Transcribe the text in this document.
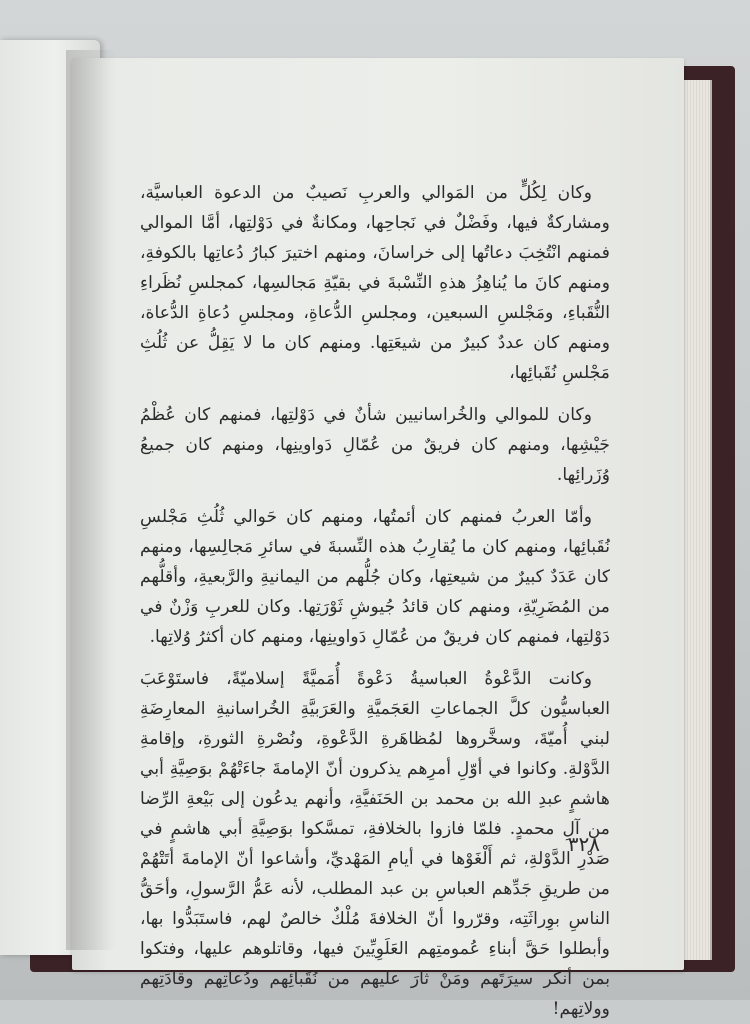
وكان لِكُلٍّ من المَوالي والعربِ نَصيبٌ من الدعوة العباسيَّة، ومشاركةٌ فيها، وفَضْلٌ في نَجاحِها، ومكانةٌ في دَوْلتِها، أمَّا الموالي فمنهم انْتُخِبَ دعاتُها إلى خراسانَ، ومنهم اختيرَ كبارُ دُعاتِها بالكوفةِ، ومنهم كانَ ما يُناهِزُ هذهِ النِّسْبةَ في بقيّةِ مَجالسِها، كمجلسِ نُظَراءِ النُّقَباءِ، ومَجْلسِ السبعين، ومجلسِ الدُّعاةِ، ومجلسِ دُعاةِ الدُّعاة، ومنهم كان عددٌ كبيرٌ من شيعَتِها. ومنهم كان ما لا يَقِلُّ عن ثُلُثِ مَجْلسِ نُقَبائِها،

وكان للموالي والخُراسانيين شأنٌ في دَوْلتِها، فمنهم كان عُظْمُ جَيْشِها، ومنهم كان فريقٌ من عُمّالِ دَواوينِها، ومنهم كان جميعُ وُزَرائِها.

وأمّا العربُ فمنهم كان أئمتُها، ومنهم كان حَوالي ثُلُثِ مَجْلسِ نُقَبائِها، ومنهم كان ما يُقارِبُ هذه النِّسبةَ في سائرِ مَجالِسِها، ومنهم كان عَدَدٌ كبيرٌ من شيعتِها، وكان جُلُّهم من اليمانيةِ والرَّبعيةِ، وأقلُّهم من المُضَرِيّةِ، ومنهم كان قائدُ جُيوشِ ثَوْرَتِها. وكان للعربِ وَزْنٌ في دَوْلتِها، فمنهم كان فريقٌ من عُمّالِ دَواوينِها، ومنهم كان أكثرُ وُلاتِها.

وكانت الدَّعْوةُ العباسيةُ دَعْوةً أُمَميَّةً إسلاميّةً، فاستَوْعَبَ العباسيُّون كلَّ الجماعاتِ العَجَميَّةِ والعَرَبيَّةِ الخُراسانيةِ المعارِضَةِ لبني أُميّةَ، وسخَّروها لمُظاهَرةِ الدَّعْوةِ، ونُصْرةِ الثورةِ، وإقامةِ الدَّوْلةِ. وكانوا في أوّلِ أمرِهم يذكرون أنّ الإمامةَ جاءَتْهُمْ بوَصِيَّةِ أبي هاشمٍ عبدِ الله بن محمد بن الحَنَفيَّةِ، وأنهم يدعُون إلى بَيْعةِ الرِّضا من آلِ محمدٍ. فلمّا فازوا بالخلافةِ، تمسَّكوا بوَصِيَّةِ أبي هاشمٍ في صَدْرِ الدَّوْلةِ، ثم أَلْغَوْها في أيامِ المَهْديِّ، وأشاعوا أنّ الإمامةَ أتَتْهُمْ من طريقِ جَدِّهم العباسِ بن عبد المطلب، لأنه عَمُّ الرَّسولِ، وأحَقُّ الناسِ بوِراثَتِه، وقرّروا أنّ الخلافةَ مُلْكٌ خالصٌ لهم، فاستَبَدُّوا بها، وأبطلوا حَقَّ أبناءِ عُمومتِهم العَلَوِيِّينَ فيها، وقاتلوهم عليها، وفتكوا بمن أنكر سيرَتَهم ومَنْ ثارَ عليهم من نُقَبائِهم ودُعاتِهم وقادَتِهم وولاتِهم!

٣٢٨
